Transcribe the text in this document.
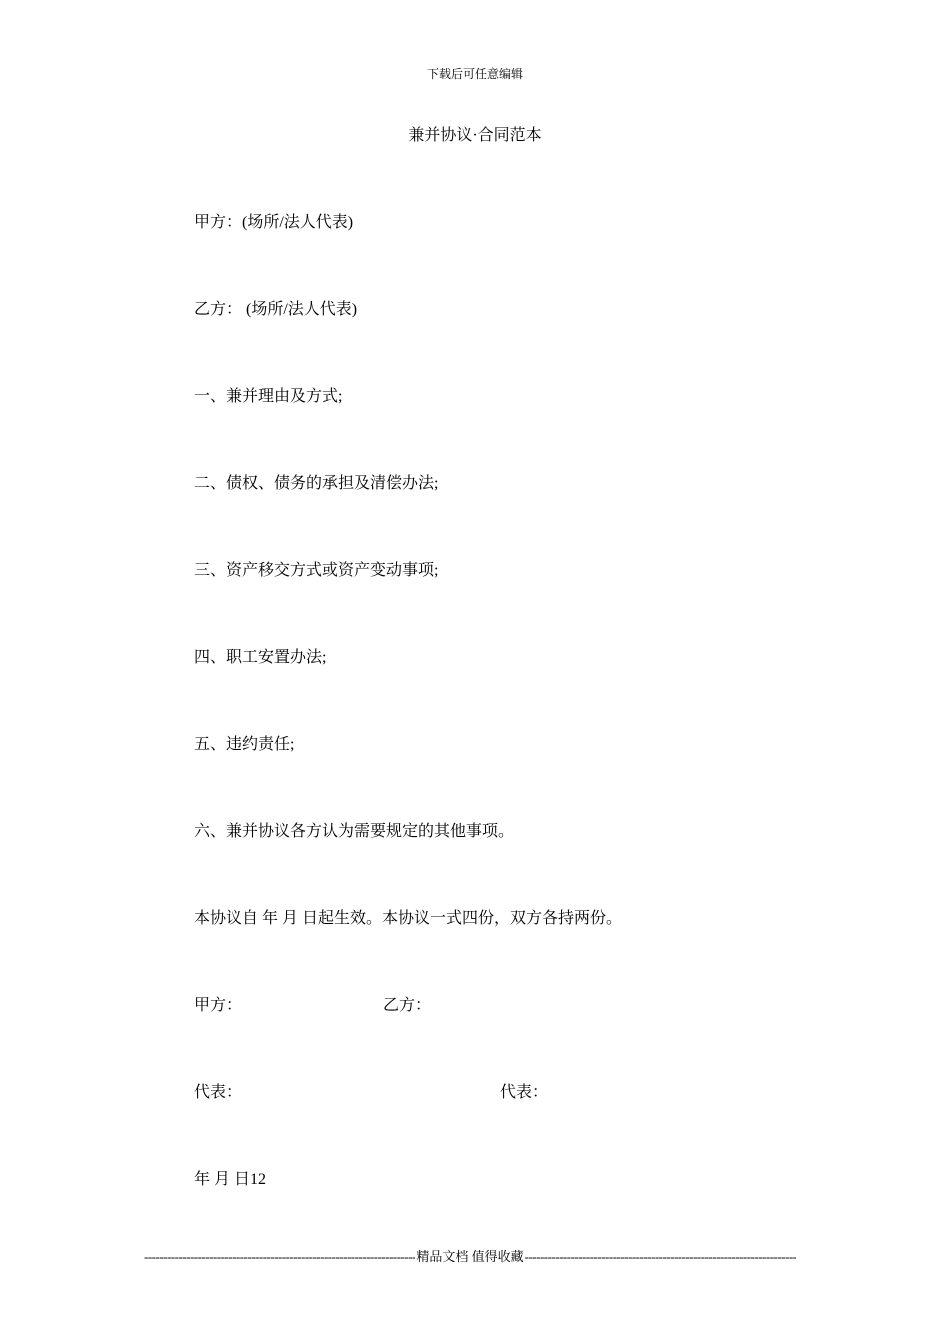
下载后可任意编辑
兼并协议·合同范本
甲方：(场所/法人代表)
乙方： (场所/法人代表)
一、兼并理由及方式;
二、债权、债务的承担及清偿办法;
三、资产移交方式或资产变动事项;
四、职工安置办法;
五、违约责任;
六、兼并协议各方认为需要规定的其他事项。
本协议自 年 月 日起生效。本协议一式四份，双方各持两份。
甲方：	乙方：
代表：	代表：
年 月 日12
-----
精品文档 值得收藏
-----
